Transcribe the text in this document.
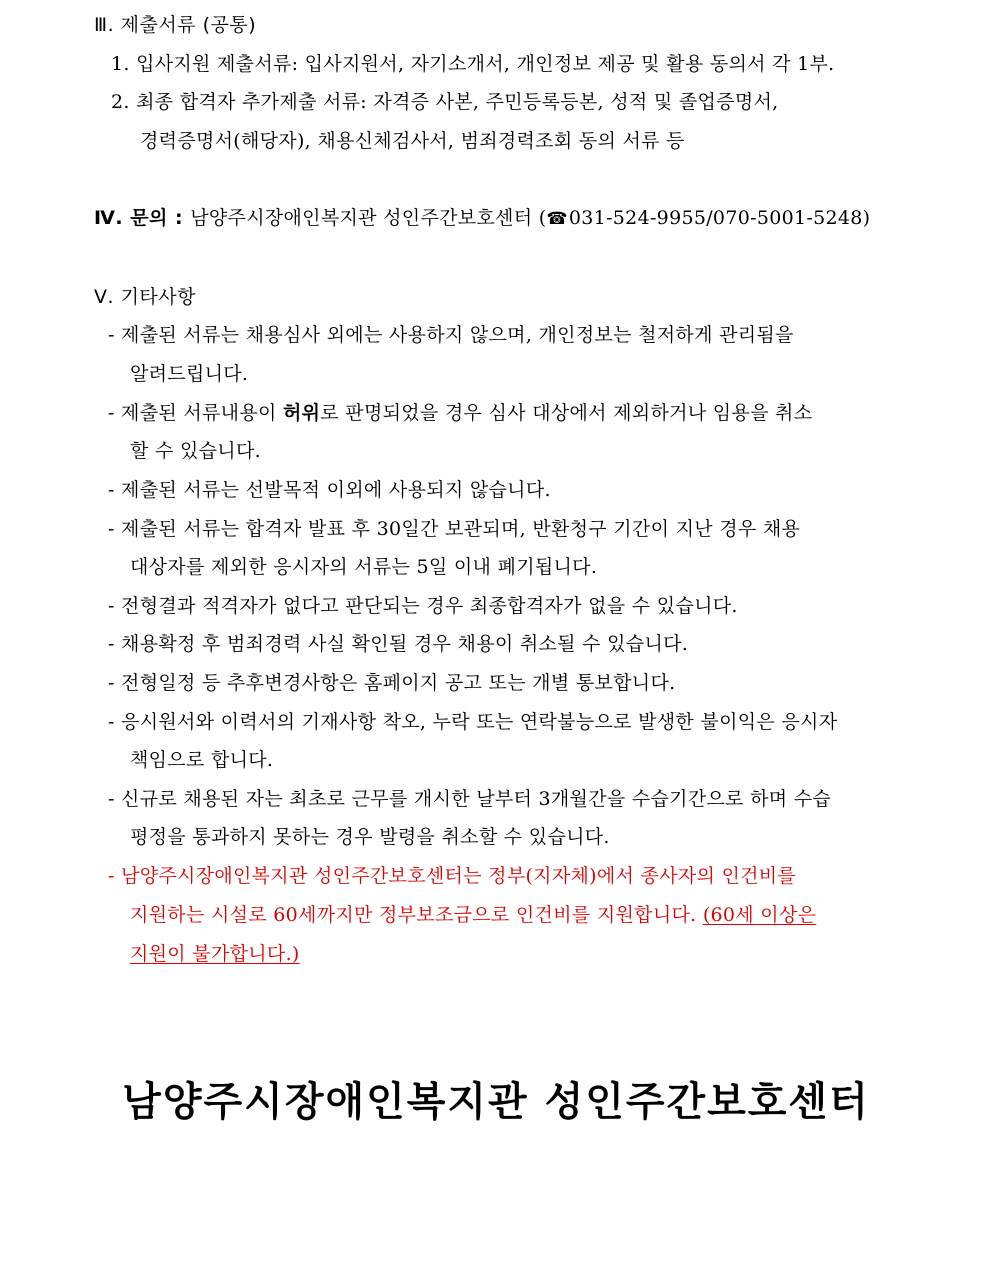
Ⅲ. 제출서류 (공통)
1. 입사지원 제출서류: 입사지원서, 자기소개서, 개인정보 제공 및 활용 동의서 각 1부.
2. 최종 합격자 추가제출 서류: 자격증 사본, 주민등록등본, 성적 및 졸업증명서,
경력증명서(해당자), 채용신체검사서, 범죄경력조회 동의 서류 등
Ⅳ. 문의 : 남양주시장애인복지관 성인주간보호센터 (☎031-524-9955/070-5001-5248)
Ⅴ. 기타사항
- 제출된 서류는 채용심사 외에는 사용하지 않으며, 개인정보는 철저하게 관리됨을
알려드립니다.
- 제출된 서류내용이 허위로 판명되었을 경우 심사 대상에서 제외하거나 임용을 취소
할 수 있습니다.
- 제출된 서류는 선발목적 이외에 사용되지 않습니다.
- 제출된 서류는 합격자 발표 후 30일간 보관되며, 반환청구 기간이 지난 경우 채용
대상자를 제외한 응시자의 서류는 5일 이내 폐기됩니다.
- 전형결과 적격자가 없다고 판단되는 경우 최종합격자가 없을 수 있습니다.
- 채용확정 후 범죄경력 사실 확인될 경우 채용이 취소될 수 있습니다.
- 전형일정 등 추후변경사항은 홈페이지 공고 또는 개별 통보합니다.
- 응시원서와 이력서의 기재사항 착오, 누락 또는 연락불능으로 발생한 불이익은 응시자
책임으로 합니다.
- 신규로 채용된 자는 최초로 근무를 개시한 날부터 3개월간을 수습기간으로 하며 수습
평정을 통과하지 못하는 경우 발령을 취소할 수 있습니다.
- 남양주시장애인복지관 성인주간보호센터는 정부(지자체)에서 종사자의 인건비를
지원하는 시설로 60세까지만 정부보조금으로 인건비를 지원합니다. (60세 이상은
지원이 불가합니다.)
남양주시장애인복지관 성인주간보호센터
